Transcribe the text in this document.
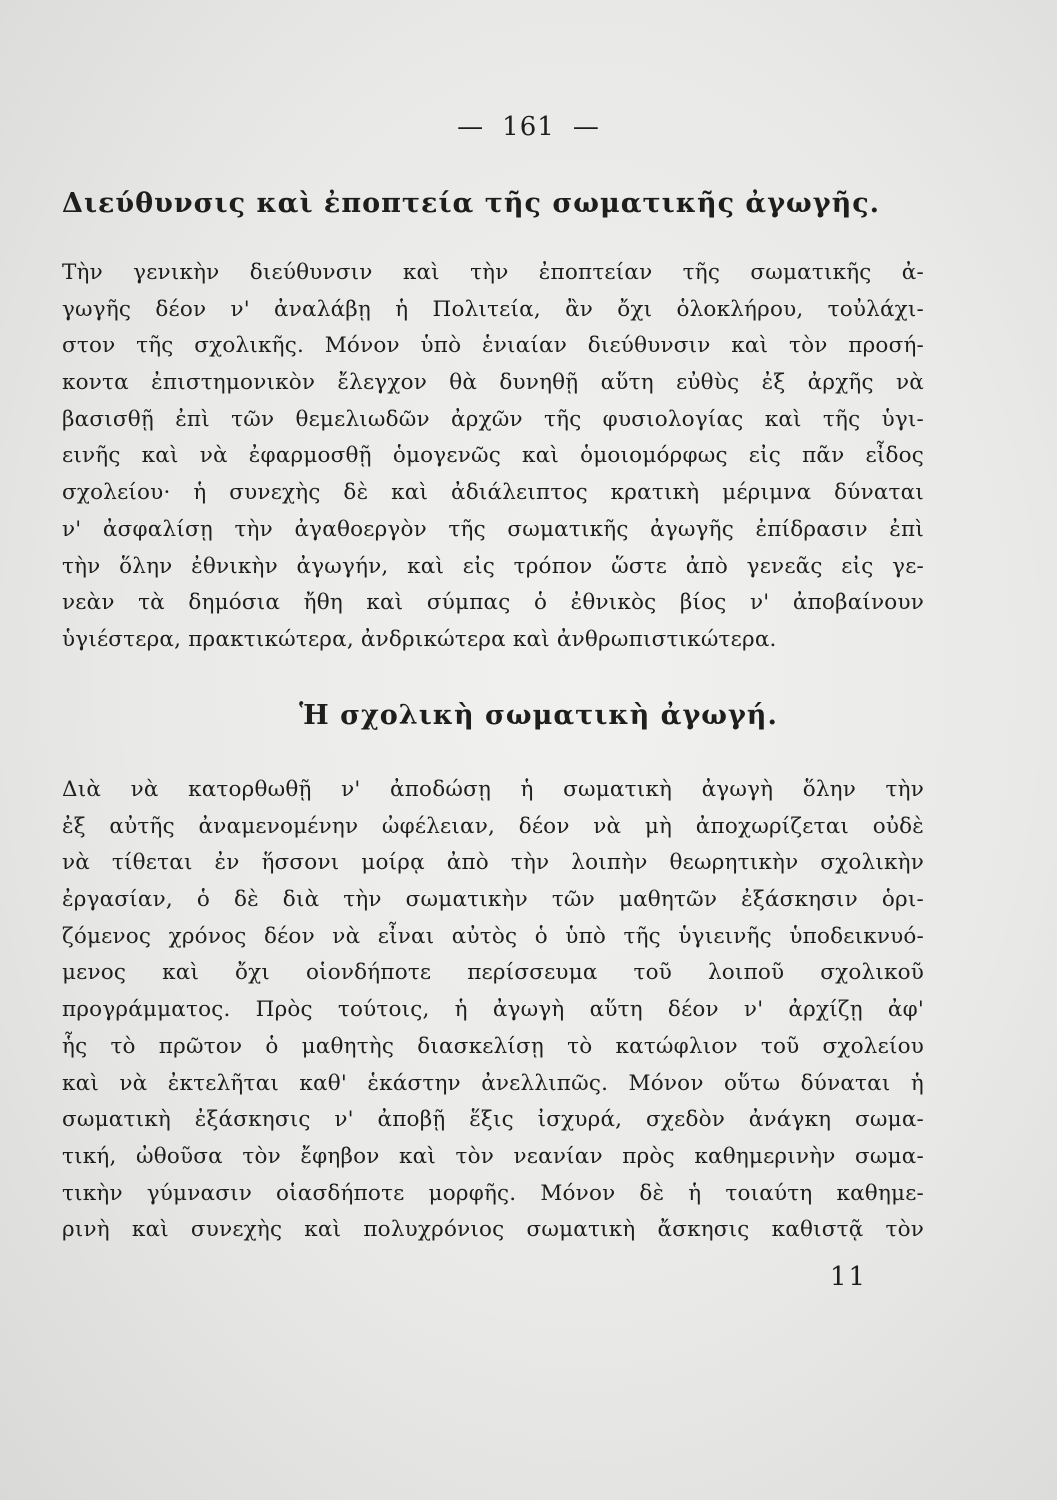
— 161 —
Διεύθυνσις καὶ ἐποπτεία τῆς σωματικῆς ἀγωγῆς.
Τὴν γενικὴν διεύθυνσιν καὶ τὴν ἐποπτείαν τῆς σωματικῆς ἀ-
γωγῆς δέον ν' ἀναλάβῃ ἡ Πολιτεία, ἂν ὄχι ὁλοκλήρου, τοὐλάχι-
στον τῆς σχολικῆς. Μόνον ὑπὸ ἑνιαίαν διεύθυνσιν καὶ τὸν προσή-
κοντα ἐπιστημονικὸν ἔλεγχον θὰ δυνηθῇ αὕτη εὐθὺς ἐξ ἀρχῆς νὰ
βασισθῇ ἐπὶ τῶν θεμελιωδῶν ἀρχῶν τῆς φυσιολογίας καὶ τῆς ὑγι-
εινῆς καὶ νὰ ἐφαρμοσθῇ ὁμογενῶς καὶ ὁμοιομόρφως εἰς πᾶν εἶδος
σχολείου· ἡ συνεχὴς δὲ καὶ ἀδιάλειπτος κρατικὴ μέριμνα δύναται
ν' ἀσφαλίσῃ τὴν ἀγαθοεργὸν τῆς σωματικῆς ἀγωγῆς ἐπίδρασιν ἐπὶ
τὴν ὅλην ἐθνικὴν ἀγωγήν, καὶ εἰς τρόπον ὥστε ἀπὸ γενεᾶς εἰς γε-
νεὰν τὰ δημόσια ἤθη καὶ σύμπας ὁ ἐθνικὸς βίος ν' ἀποβαίνουν
ὑγιέστερα, πρακτικώτερα, ἀνδρικώτερα καὶ ἀνθρωπιστικώτερα.
Ἡ σχολικὴ σωματικὴ ἀγωγή.
Διὰ νὰ κατορθωθῇ ν' ἀποδώσῃ ἡ σωματικὴ ἀγωγὴ ὅλην τὴν
ἐξ αὐτῆς ἀναμενομένην ὠφέλειαν, δέον νὰ μὴ ἀποχωρίζεται οὐδὲ
νὰ τίθεται ἐν ἥσσονι μοίρᾳ ἀπὸ τὴν λοιπὴν θεωρητικὴν σχολικὴν
ἐργασίαν, ὁ δὲ διὰ τὴν σωματικὴν τῶν μαθητῶν ἐξάσκησιν ὁρι-
ζόμενος χρόνος δέον νὰ εἶναι αὐτὸς ὁ ὑπὸ τῆς ὑγιεινῆς ὑποδεικνυό-
μενος καὶ ὄχι οἱονδήποτε περίσσευμα τοῦ λοιποῦ σχολικοῦ
προγράμματος. Πρὸς τούτοις, ἡ ἀγωγὴ αὕτη δέον ν' ἀρχίζῃ ἀφ'
ἧς τὸ πρῶτον ὁ μαθητὴς διασκελίσῃ τὸ κατώφλιον τοῦ σχολείου
καὶ νὰ ἐκτελῆται καθ' ἑκάστην ἀνελλιπῶς. Μόνον οὕτω δύναται ἡ
σωματικὴ ἐξάσκησις ν' ἀποβῇ ἕξις ἰσχυρά, σχεδὸν ἀνάγκη σωμα-
τική, ὠθοῦσα τὸν ἔφηβον καὶ τὸν νεανίαν πρὸς καθημερινὴν σωμα-
τικὴν γύμνασιν οἱασδήποτε μορφῆς. Μόνον δὲ ἡ τοιαύτη καθημε-
ρινὴ καὶ συνεχὴς καὶ πολυχρόνιος σωματικὴ ἄσκησις καθιστᾷ τὸν
11
